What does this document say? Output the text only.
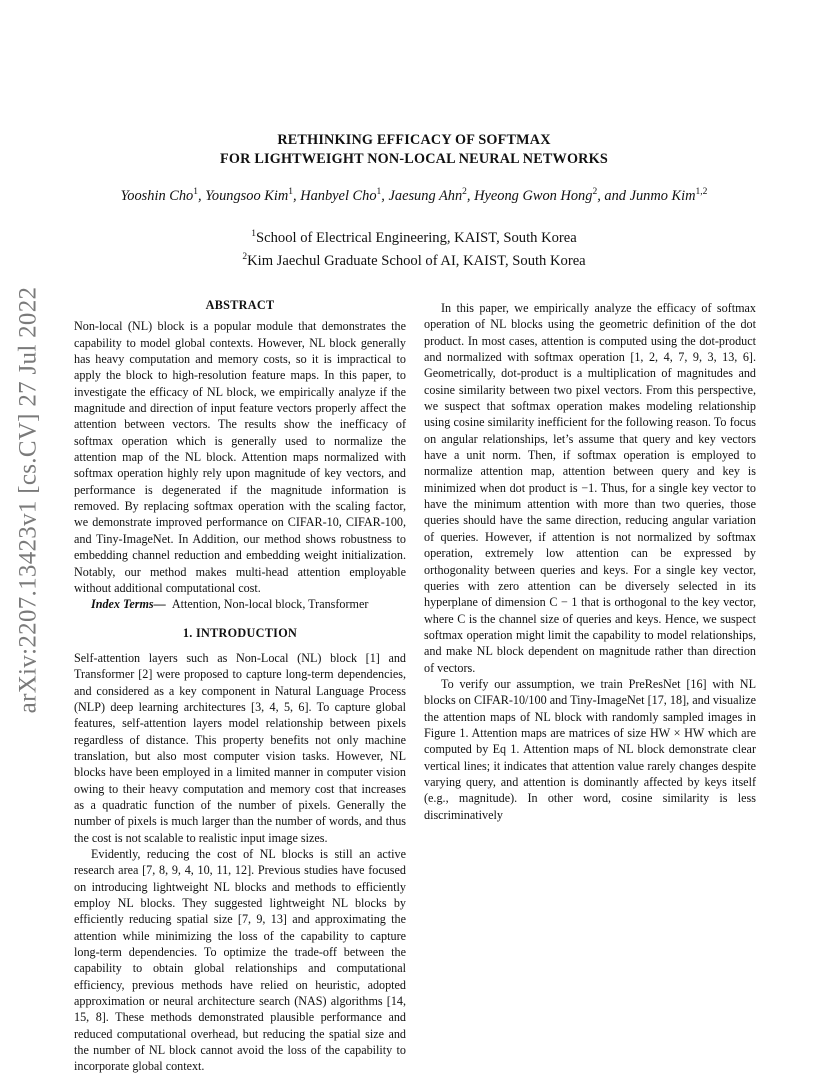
arXiv:2207.13423v1 [cs.CV] 27 Jul 2022
RETHINKING EFFICACY OF SOFTMAX
FOR LIGHTWEIGHT NON-LOCAL NEURAL NETWORKS
Yooshin Cho$^1$, Youngsoo Kim$^1$, Hanbyel Cho$^1$, Jaesung Ahn$^2$, Hyeong Gwon Hong$^2$, and Junmo Kim$^{1,2}$
$^1$School of Electrical Engineering, KAIST, South Korea
$^2$Kim Jaechul Graduate School of AI, KAIST, South Korea
ABSTRACT

Non-local (NL) block is a popular module that demonstrates the capability to model global contexts. However, NL block generally has heavy computation and memory costs, so it is impractical to apply the block to high-resolution feature maps. In this paper, to investigate the efficacy of NL block, we empirically analyze if the magnitude and direction of input feature vectors properly affect the attention between vectors. The results show the inefficacy of softmax operation which is generally used to normalize the attention map of the NL block. Attention maps normalized with softmax operation highly rely upon magnitude of key vectors, and performance is degenerated if the magnitude information is removed. By replacing softmax operation with the scaling factor, we demonstrate improved performance on CIFAR-10, CIFAR-100, and Tiny-ImageNet. In Addition, our method shows robustness to embedding channel reduction and embedding weight initialization. Notably, our method makes multi-head attention employable without additional computational cost.

Index Terms— Attention, Non-local block, Transformer

1. INTRODUCTION

Self-attention layers such as Non-Local (NL) block [1] and Transformer [2] were proposed to capture long-term dependencies, and considered as a key component in Natural Language Process (NLP) deep learning architectures [3, 4, 5, 6]. To capture global features, self-attention layers model relationship between pixels regardless of distance. This property benefits not only machine translation, but also most computer vision tasks. However, NL blocks have been employed in a limited manner in computer vision owing to their heavy computation and memory cost that increases as a quadratic function of the number of pixels. Generally the number of pixels is much larger than the number of words, and thus the cost is not scalable to realistic input image sizes.

Evidently, reducing the cost of NL blocks is still an active research area [7, 8, 9, 4, 10, 11, 12]. Previous studies have focused on introducing lightweight NL blocks and methods to efficiently employ NL blocks. They suggested lightweight NL blocks by efficiently reducing spatial size [7, 9, 13] and approximating the attention while minimizing the loss of the capability to capture long-term dependencies. To optimize the trade-off between the capability to obtain global relationships and computational efficiency, previous methods have relied on heuristic, adopted approximation or neural architecture search (NAS) algorithms [14, 15, 8]. These methods demonstrated plausible performance and reduced computational overhead, but reducing the spatial size and the number of NL block cannot avoid the loss of the capability to incorporate global context.

In this paper, we empirically analyze the efficacy of softmax operation of NL blocks using the geometric definition of the dot product. In most cases, attention is computed using the dot-product and normalized with softmax operation [1, 2, 4, 7, 9, 3, 13, 6]. Geometrically, dot-product is a multiplication of magnitudes and cosine similarity between two pixel vectors. From this perspective, we suspect that softmax operation makes modeling relationship using cosine similarity inefficient for the following reason. To focus on angular relationships, let’s assume that query and key vectors have a unit norm. Then, if softmax operation is employed to normalize attention map, attention between query and key is minimized when dot product is −1. Thus, for a single key vector to have the minimum attention with more than two queries, those queries should have the same direction, reducing angular variation of queries. However, if attention is not normalized by softmax operation, extremely low attention can be expressed by orthogonality between queries and keys. For a single key vector, queries with zero attention can be diversely selected in its hyperplane of dimension C − 1 that is orthogonal to the key vector, where C is the channel size of queries and keys. Hence, we suspect softmax operation might limit the capability to model relationships, and make NL block dependent on magnitude rather than direction of vectors.

To verify our assumption, we train PreResNet [16] with NL blocks on CIFAR-10/100 and Tiny-ImageNet [17, 18], and visualize the attention maps of NL block with randomly sampled images in Figure 1. Attention maps are matrices of size HW × HW which are computed by Eq 1. Attention maps of NL block demonstrate clear vertical lines; it indicates that attention value rarely changes despite varying query, and attention is dominantly affected by keys itself (e.g., magnitude). In other word, cosine similarity is less discriminatively
